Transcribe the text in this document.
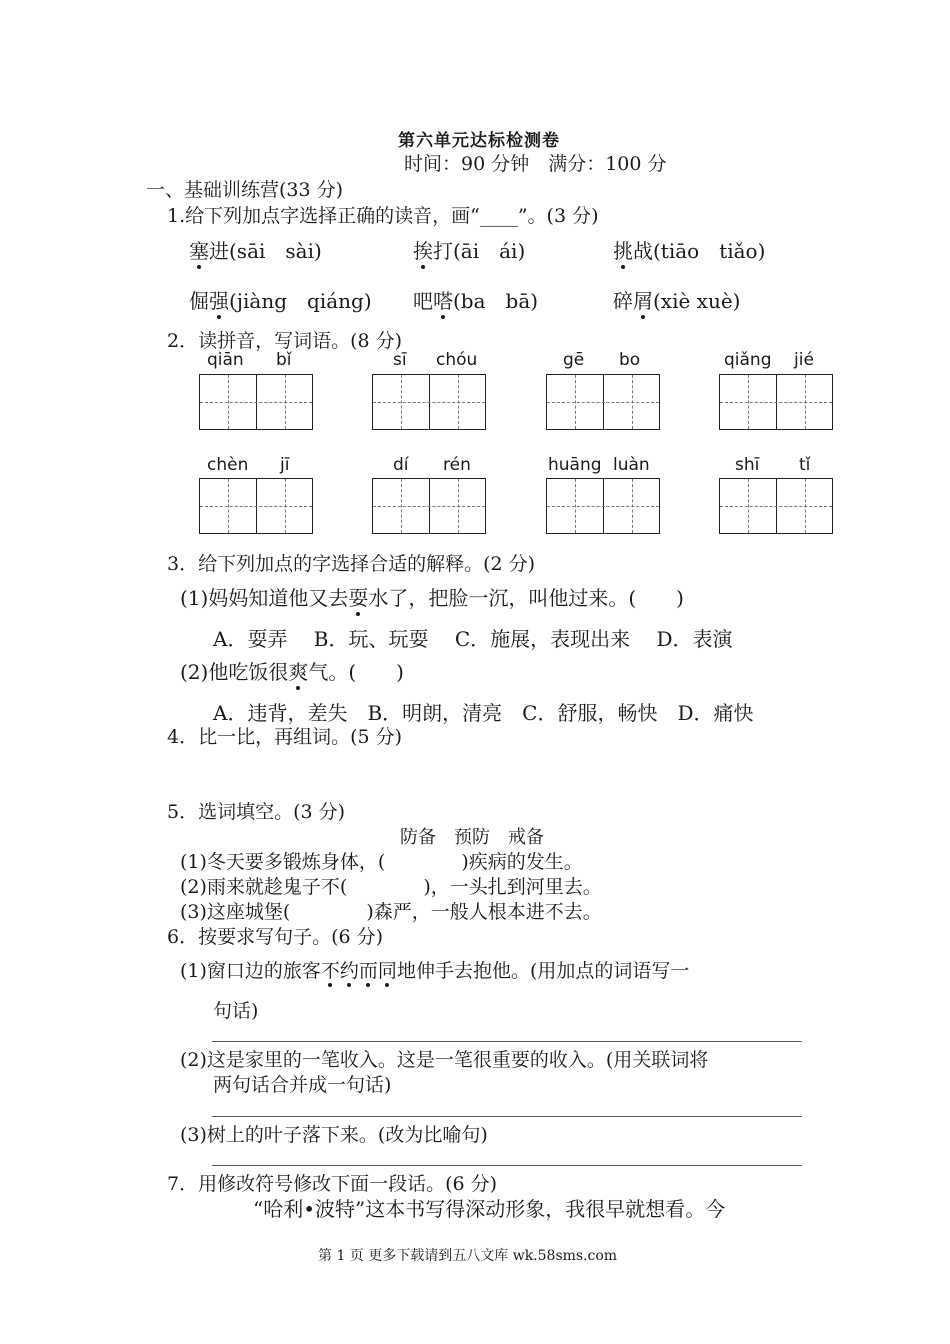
第六单元达标检测卷
时间：90 分钟　满分：100 分
一、基础训练营(33 分)
1.给下列加点字选择正确的读音，画“____”。(3 分)
塞进(sāi　sài)	挨打(āi　ái)	挑战(tiāo　tiǎo)
倔强(jiàng　qiáng) 吧嗒(ba　bā)	碎屑(xiè xuè)
2．读拼音，写词语。(8 分)
qiān bǐ	sī chóu	gē bo	qiǎng jié
chèn jī	dí rén	huāng luàn	shī tǐ
3．给下列加点的字选择合适的解释。(2 分)
(1)妈妈知道他又去耍水了，把脸一沉，叫他过来。(　　)
A．耍弄　 B．玩、玩耍　 C．施展，表现出来　 D．表演
(2)他吃饭很爽气。(　　)
A．违背，差失　B．明朗，清亮　C．舒服，畅快　D．痛快
4．比一比，再组词。(5 分)
5．选词填空。(3 分)
防备　预防　戒备
(1)冬天要多锻炼身体，(　　　　)疾病的发生。
(2)雨来就趁鬼子不(　　　　)，一头扎到河里去。
(3)这座城堡(　　　　)森严，一般人根本进不去。
6．按要求写句子。(6 分)
(1)窗口边的旅客不约而同
地伸手去抱他。(用加点的词语写一
句话)
(2)这是家里的一笔收入。这是一笔很重要的收入。(用关联词将
两句话合并成一句话)
(3)树上的叶子落下来。(改为比喻句)
7．用修改符号修改下面一段话。(6 分)
“哈利•波特”这本书写得深动形象，我很早就想看。今
第 1 页 更多下载请到五八文库 wk.58sms.com
